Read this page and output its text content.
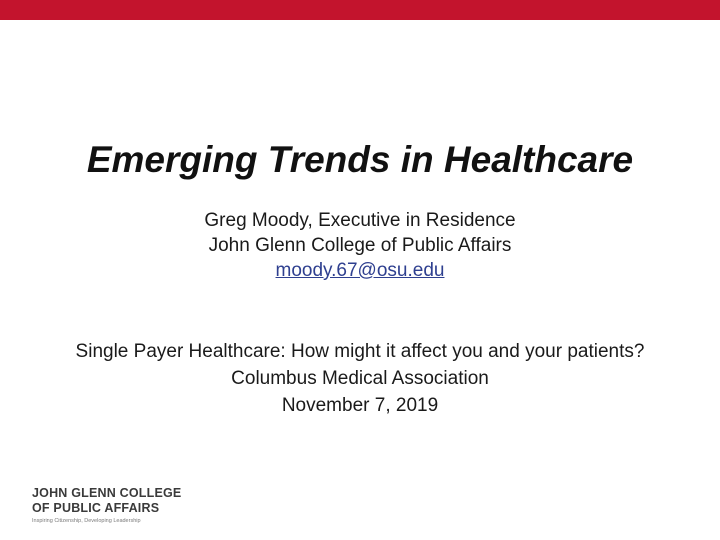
Emerging Trends in Healthcare
Greg Moody, Executive in Residence
John Glenn College of Public Affairs
moody.67@osu.edu
Single Payer Healthcare: How might it affect you and your patients?
Columbus Medical Association
November 7, 2019
JOHN GLENN COLLEGE
OF PUBLIC AFFAIRS
Inspiring Citizenship, Developing Leadership
